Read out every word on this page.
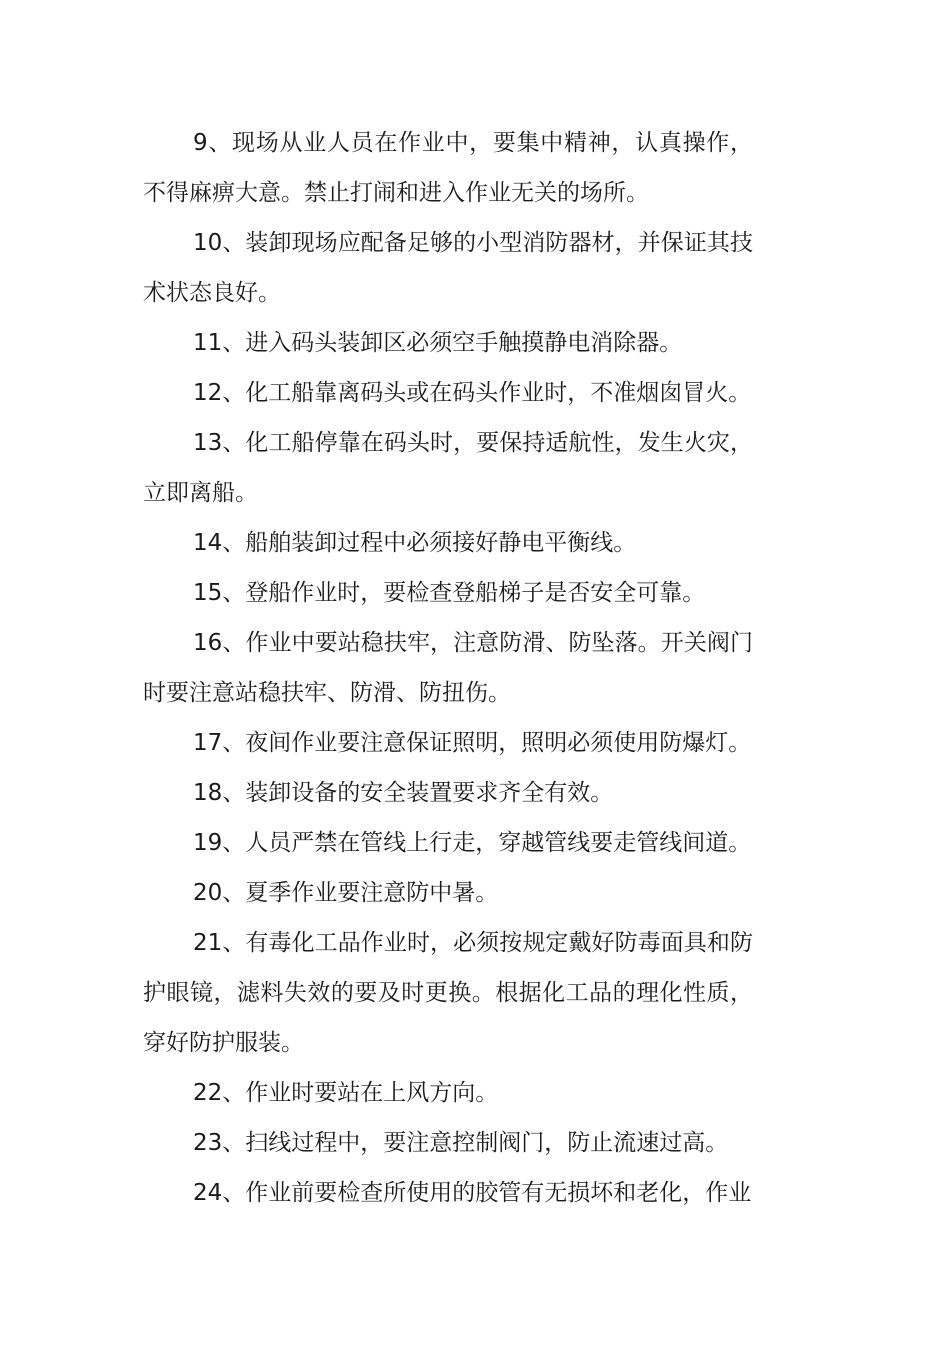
9、现场从业人员在作业中，要集中精神，认真操作，不得麻痹大意。禁止打闹和进入作业无关的场所。

10、装卸现场应配备足够的小型消防器材，并保证其技术状态良好。

11、进入码头装卸区必须空手触摸静电消除器。

12、化工船靠离码头或在码头作业时，不准烟囱冒火。

13、化工船停靠在码头时，要保持适航性，发生火灾，立即离船。

14、船舶装卸过程中必须接好静电平衡线。

15、登船作业时，要检查登船梯子是否安全可靠。

16、作业中要站稳扶牢，注意防滑、防坠落。开关阀门时要注意站稳扶牢、防滑、防扭伤。

17、夜间作业要注意保证照明，照明必须使用防爆灯。

18、装卸设备的安全装置要求齐全有效。

19、人员严禁在管线上行走，穿越管线要走管线间道。

20、夏季作业要注意防中暑。

21、有毒化工品作业时，必须按规定戴好防毒面具和防护眼镜，滤料失效的要及时更换。根据化工品的理化性质，穿好防护服装。

22、作业时要站在上风方向。

23、扫线过程中，要注意控制阀门，防止流速过高。

24、作业前要检查所使用的胶管有无损坏和老化，作业
